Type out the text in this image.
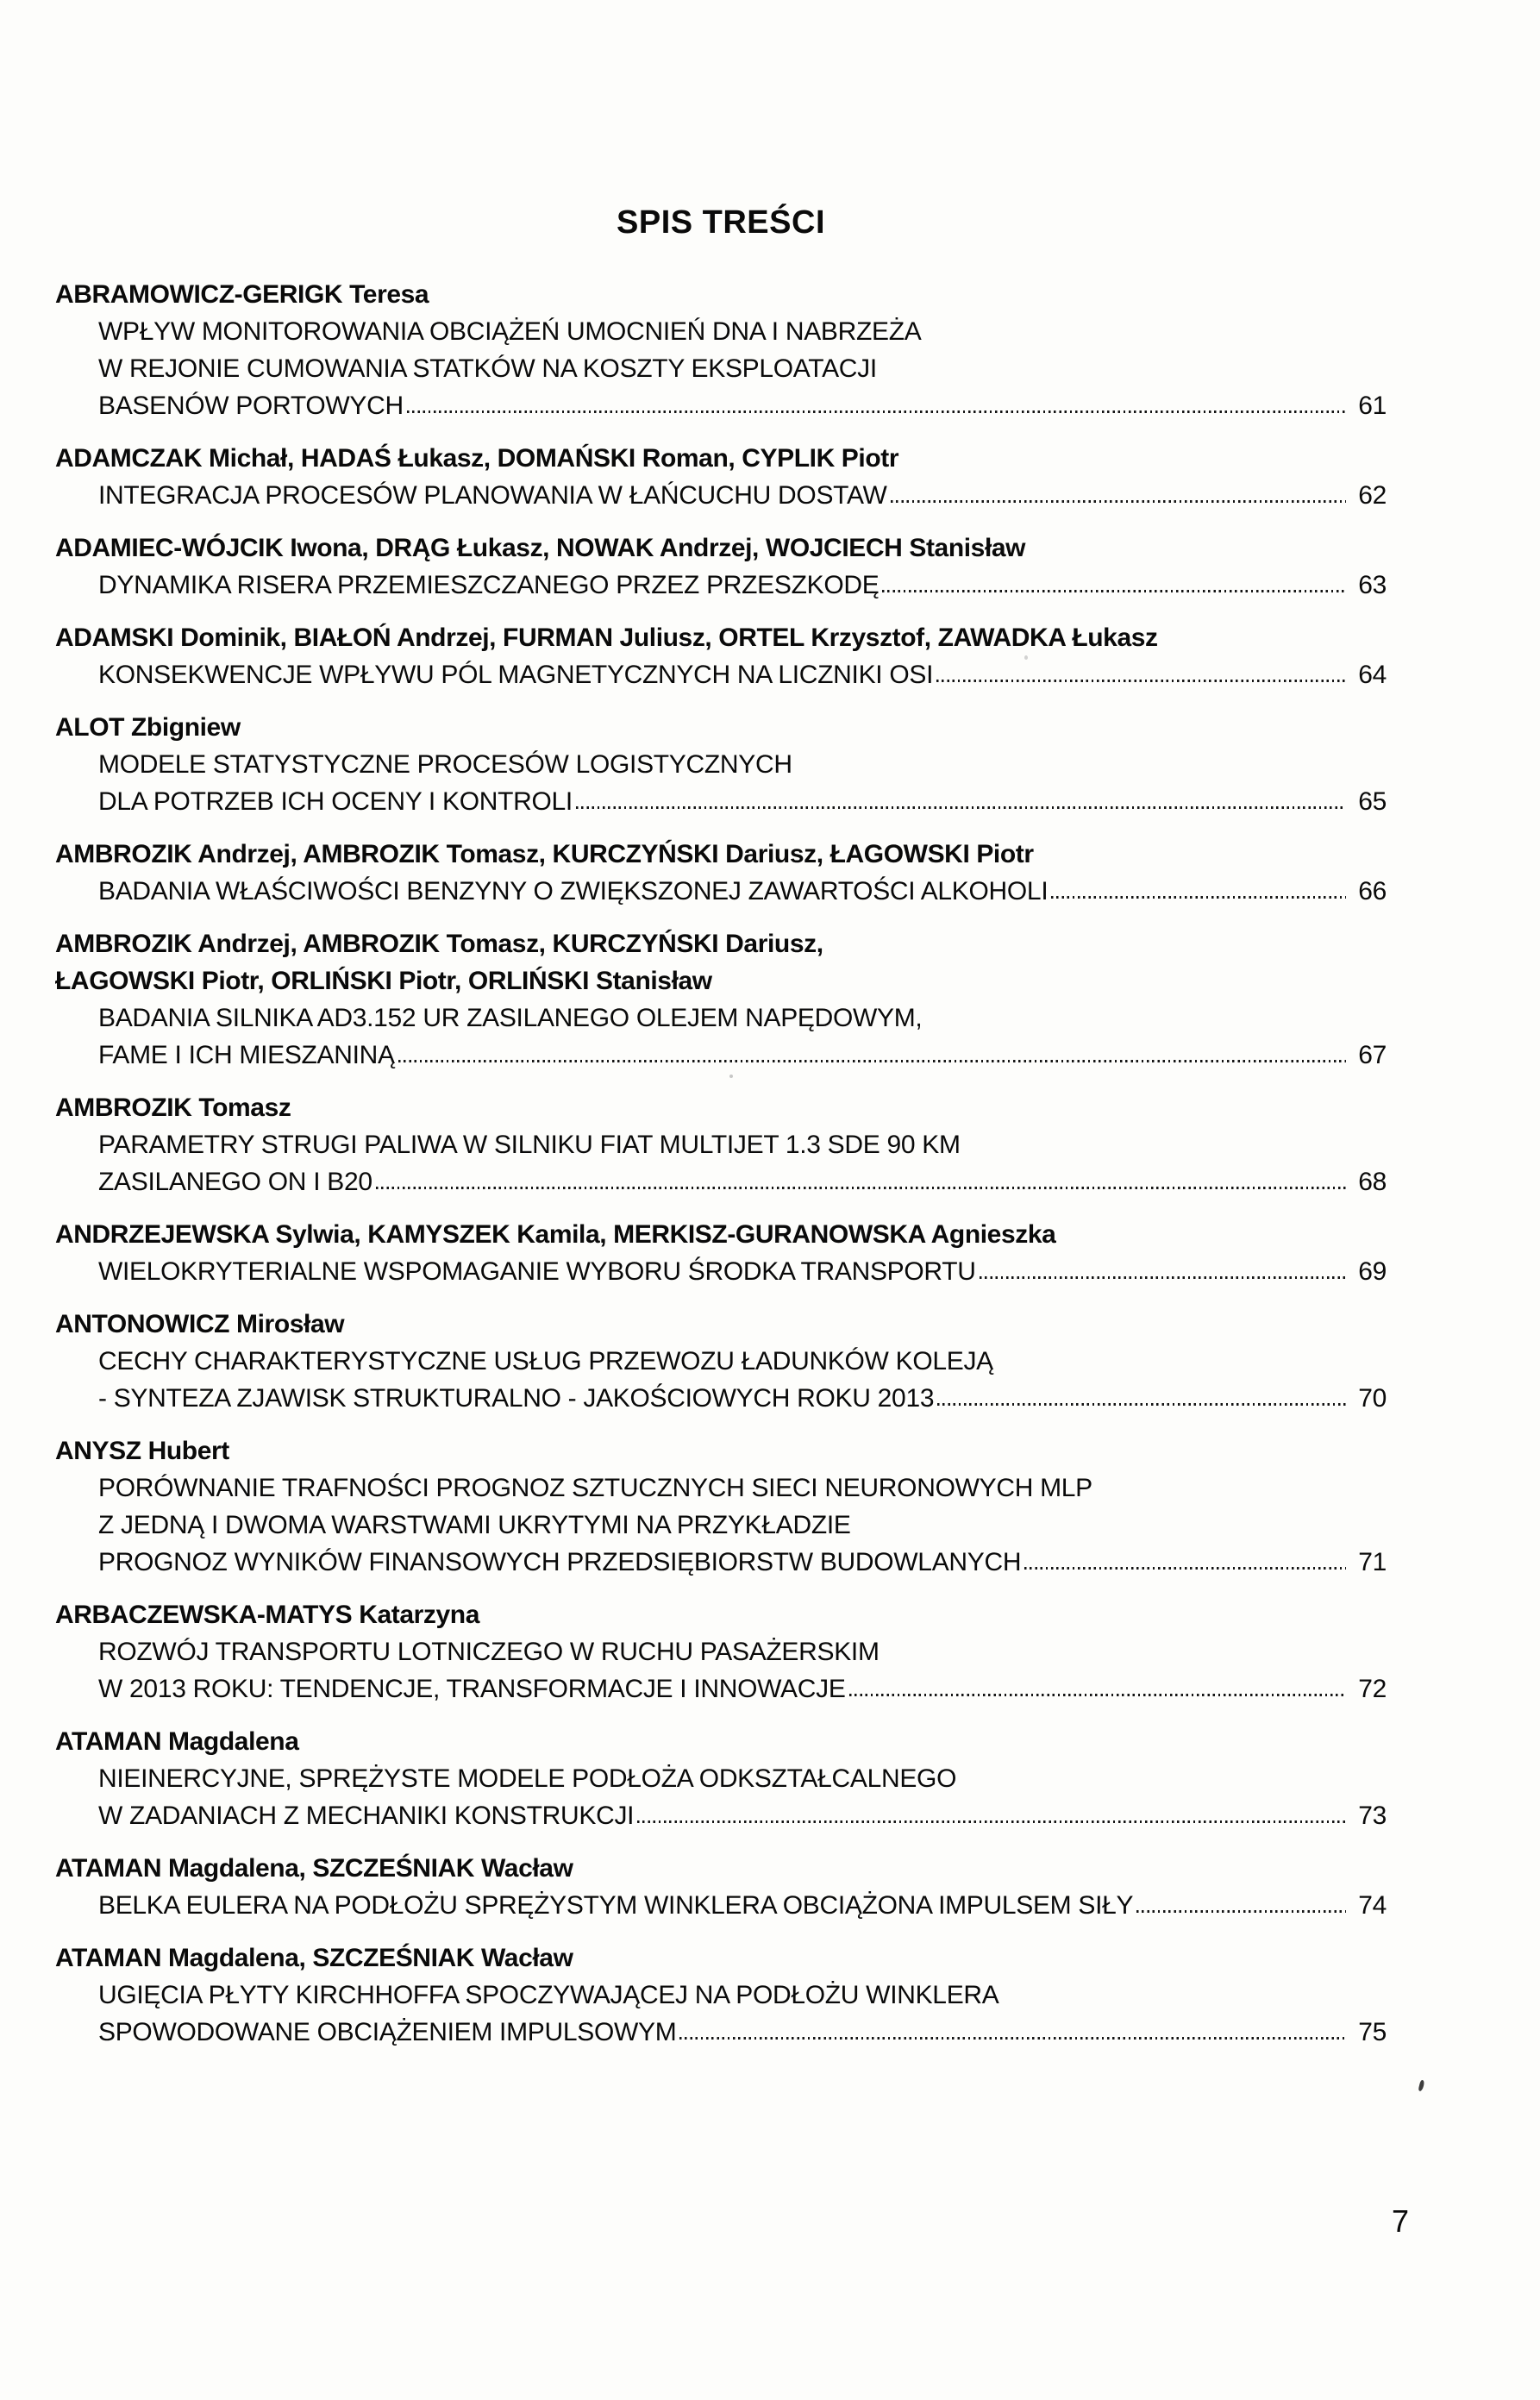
SPIS TREŚCI
ABRAMOWICZ-GERIGK Teresa
WPŁYW MONITOROWANIA OBCIĄŻEŃ UMOCNIEŃ DNA I NABRZEŻA
W REJONIE CUMOWANIA STATKÓW NA KOSZTY EKSPLOATACJI
BASENÓW PORTOWYCH	61
ADAMCZAK Michał, HADAŚ Łukasz, DOMAŃSKI Roman, CYPLIK Piotr
INTEGRACJA PROCESÓW PLANOWANIA W ŁAŃCUCHU DOSTAW	62
ADAMIEC-WÓJCIK Iwona, DRĄG Łukasz, NOWAK Andrzej, WOJCIECH Stanisław
DYNAMIKA RISERA PRZEMIESZCZANEGO PRZEZ PRZESZKODĘ	63
ADAMSKI Dominik, BIAŁOŃ Andrzej, FURMAN Juliusz, ORTEL Krzysztof, ZAWADKA Łukasz
KONSEKWENCJE WPŁYWU PÓL MAGNETYCZNYCH NA LICZNIKI OSI	64
ALOT Zbigniew
MODELE STATYSTYCZNE PROCESÓW LOGISTYCZNYCH
DLA POTRZEB ICH OCENY I KONTROLI	65
AMBROZIK Andrzej, AMBROZIK Tomasz, KURCZYŃSKI Dariusz, ŁAGOWSKI Piotr
BADANIA WŁAŚCIWOŚCI BENZYNY O ZWIĘKSZONEJ ZAWARTOŚCI ALKOHOLI	66
AMBROZIK Andrzej, AMBROZIK Tomasz, KURCZYŃSKI Dariusz,
ŁAGOWSKI Piotr, ORLIŃSKI Piotr, ORLIŃSKI Stanisław
BADANIA SILNIKA AD3.152 UR ZASILANEGO OLEJEM NAPĘDOWYM,
FAME I ICH MIESZANINĄ	67
AMBROZIK Tomasz
PARAMETRY STRUGI PALIWA W SILNIKU FIAT MULTIJET 1.3 SDE 90 KM
ZASILANEGO ON I B20	68
ANDRZEJEWSKA Sylwia, KAMYSZEK Kamila, MERKISZ-GURANOWSKA Agnieszka
WIELOKRYTERIALNE WSPOMAGANIE WYBORU ŚRODKA TRANSPORTU	69
ANTONOWICZ Mirosław
CECHY CHARAKTERYSTYCZNE USŁUG PRZEWOZU ŁADUNKÓW KOLEJĄ
- SYNTEZA ZJAWISK STRUKTURALNO - JAKOŚCIOWYCH ROKU 2013	70
ANYSZ Hubert
PORÓWNANIE TRAFNOŚCI PROGNOZ SZTUCZNYCH SIECI NEURONOWYCH MLP
Z JEDNĄ I DWOMA WARSTWAMI UKRYTYMI NA PRZYKŁADZIE
PROGNOZ WYNIKÓW FINANSOWYCH PRZEDSIĘBIORSTW BUDOWLANYCH	71
ARBACZEWSKA-MATYS Katarzyna
ROZWÓJ TRANSPORTU LOTNICZEGO W RUCHU PASAŻERSKIM
W 2013 ROKU: TENDENCJE, TRANSFORMACJE I INNOWACJE	72
ATAMAN Magdalena
NIEINERCYJNE, SPRĘŻYSTE MODELE PODŁOŻA ODKSZTAŁCALNEGO
W ZADANIACH Z MECHANIKI KONSTRUKCJI	73
ATAMAN Magdalena, SZCZEŚNIAK Wacław
BELKA EULERA NA PODŁOŻU SPRĘŻYSTYM WINKLERA OBCIĄŻONA IMPULSEM SIŁY	74
ATAMAN Magdalena, SZCZEŚNIAK Wacław
UGIĘCIA PŁYTY KIRCHHOFFA SPOCZYWAJĄCEJ NA PODŁOŻU WINKLERA
SPOWODOWANE OBCIĄŻENIEM IMPULSOWYM	75
7
